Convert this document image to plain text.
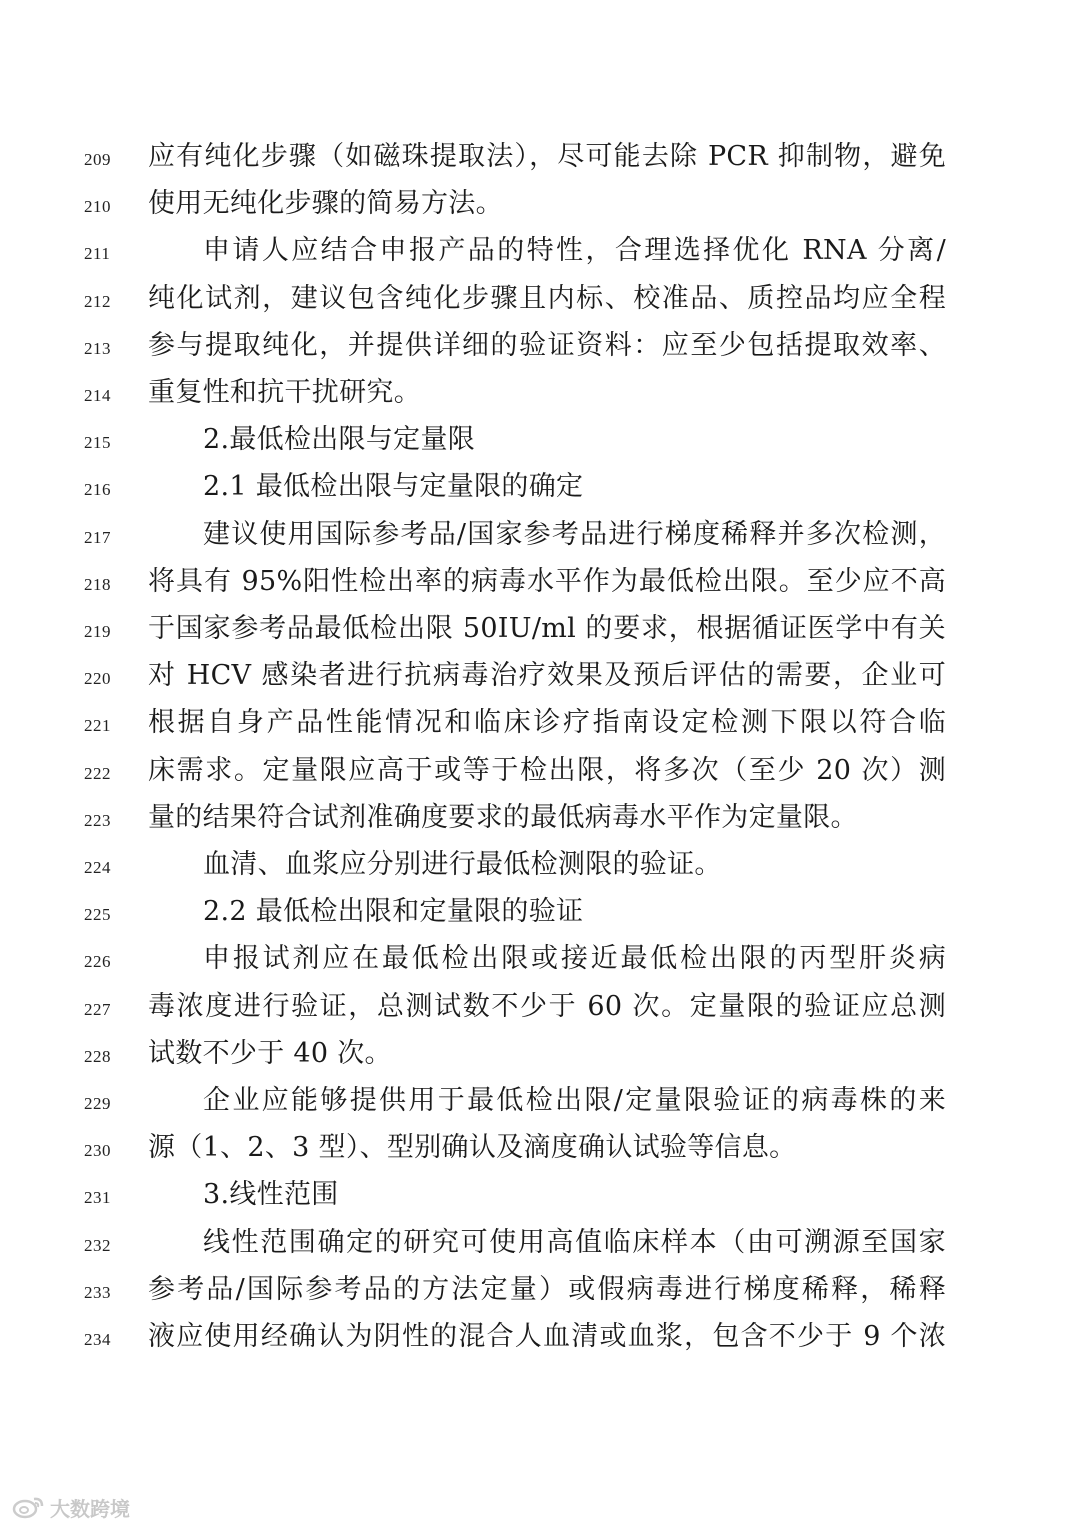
209 应有纯化步骤（如磁珠提取法），尽可能去除 PCR 抑制物，避免
210 使用无纯化步骤的简易方法。
211	申请人应结合申报产品的特性，合理选择优化 RNA 分离/
212 纯化试剂，建议包含纯化步骤且内标、校准品、质控品均应全程
213 参与提取纯化，并提供详细的验证资料：应至少包括提取效率、
214 重复性和抗干扰研究。
215	2.最低检出限与定量限
216	2.1 最低检出限与定量限的确定
217	建议使用国际参考品/国家参考品进行梯度稀释并多次检测，
218 将具有 95%阳性检出率的病毒水平作为最低检出限。至少应不高
219 于国家参考品最低检出限 50IU/ml 的要求，根据循证医学中有关
220 对 HCV 感染者进行抗病毒治疗效果及预后评估的需要，企业可
221 根据自身产品性能情况和临床诊疗指南设定检测下限以符合临
222 床需求。定量限应高于或等于检出限，将多次（至少 20 次）测
223 量的结果符合试剂准确度要求的最低病毒水平作为定量限。
224	血清、血浆应分别进行最低检测限的验证。
225	2.2 最低检出限和定量限的验证
226	申报试剂应在最低检出限或接近最低检出限的丙型肝炎病
227 毒浓度进行验证，总测试数不少于 60 次。定量限的验证应总测
228 试数不少于 40 次。
229	企业应能够提供用于最低检出限/定量限验证的病毒株的来
230 源（1、2、3 型）、型别确认及滴度确认试验等信息。
231	3.线性范围
232	线性范围确定的研究可使用高值临床样本（由可溯源至国家
233 参考品/国际参考品的方法定量）或假病毒进行梯度稀释，稀释
234 液应使用经确认为阴性的混合人血清或血浆，包含不少于 9 个浓
大数跨境
